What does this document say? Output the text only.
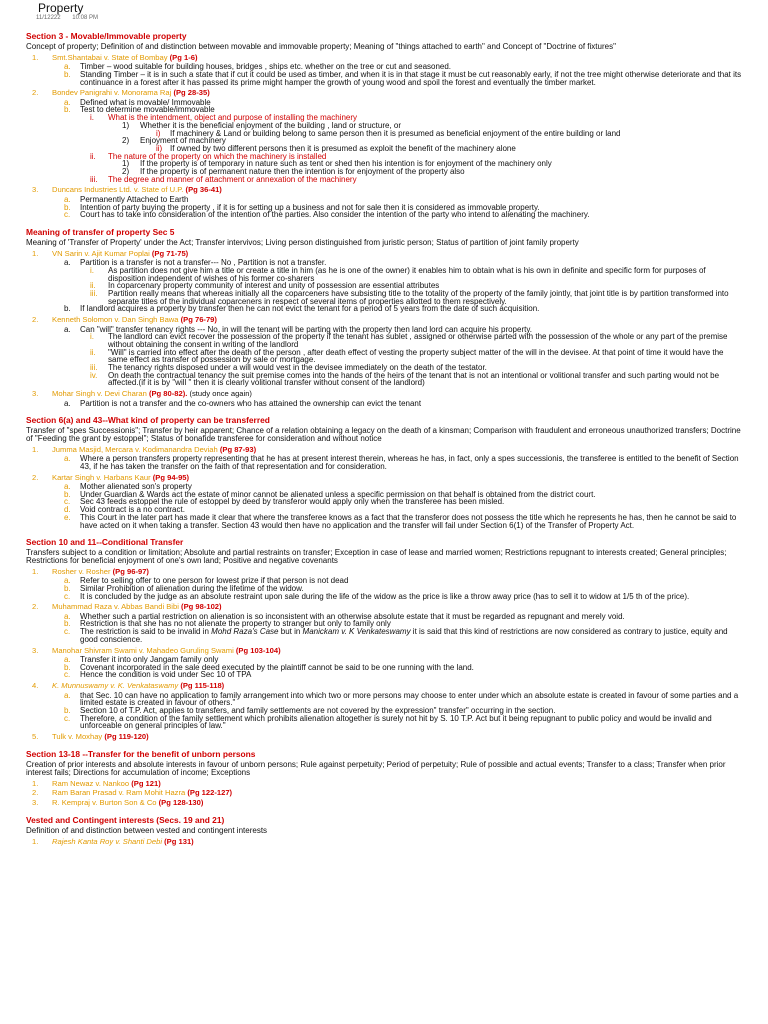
Property
11/12222 10:08 PM
Section 3 - Movable/Immovable property
Concept of property; Definition of and distinction between movable and immovable property; Meaning of "things attached to earth" and Concept of "Doctrine of fixtures"
1. Smt.Shantabai v. State of Bombay (Pg 1-6)
a. Timber – wood suitable for building houses, bridges , ships etc. whether on the tree or cut and seasoned.
b. Standing Timber – it is in such a state that if cut it could be used as timber, and when it is in that stage it must be cut reasonably early, if not the tree might otherwise deteriorate and that its continuance in a forest after it has passed its prime might hamper the growth of young wood and spoil the forest and eventually the timber market.
2. Bondev Panigrahi v. Monorama Raj (Pg 28-35)
a. Defined what is movable/ Immovable
b. Test to determine movable/immovable
i. What is the intendment, object and purpose of installing the machinery
1) Whether it is the beneficial enjoyment of the building , land or structure, or
i) If machinery & Land or building belong to same person then it is presumed as beneficial enjoyment of the entire building or land
2) Enjoyment of machinery
ii) If owned by two different persons then it is presumed as exploit the benefit of the machinery alone
ii. The nature of the property on which the machinery is installed
1) If the property is of temporary in nature such as tent or shed then his intention is for enjoyment of the machinery only
2) If the property is of permanent nature then the intention is for enjoyment of the property also
iii. The degree and manner of attachment or annexation of the machinery
3. Duncans Industries Ltd. v. State of U.P. (Pg 36-41)
a. Permanently Attached to Earth
b. Intention of party buying the property , if it is for setting up a business and not for sale then it is considered as immovable property.
c. Court has to take into consideration of the intention of the parties. Also consider the intention of the party who intend to alienating the machinery.
Meaning of transfer of property Sec 5
Meaning of 'Transfer of Property' under the Act; Transfer intervivos; Living person distinguished from juristic person; Status of partition of joint family property
1. VN Sarin v. Ajit Kumar Poplai (Pg 71-75)
a. Partition is a transfer is not a transfer--- No , Partition is not a transfer.
i. As partition does not give him a title or create a title in him (as he is one of the owner) it enables him to obtain what is his own in definite and specific form for purposes of disposition independent of wishes of his former co-sharers
ii. In coparcenary property community of interest and unity of possession are essential attributes
iii. Partition really means that whereas initially all the coparceners have subsisting title to the totality of the property of the family jointly, that joint title is by partition transformed into separate titles of the individual coparceners in respect of several items of properties allotted to them respectively.
b. If landlord acquires a property by transfer then he can not evict the tenant for a period of 5 years from the date of such acquisition.
2. Kenneth Solomon v. Dan Singh Bawa (Pg 76-79)
a. Can "will" transfer tenancy rights --- No, in will the tenant will be parting with the property then land lord can acquire his property.
i. The landlord can evict recover the possession of the property if the tenant has sublet , assigned or otherwise parted with the possession of the whole or any part of the premise without obtaining the consent in writing of the landlord
ii. "Will" is carried into effect after the death of the person , after death effect of vesting the property subject matter of the will in the devisee. At that point of time it would have the same effect as transfer of possession by sale or mortgage.
iii. The tenancy rights disposed under a will would vest in the devisee immediately on the death of the testator.
iv. On death the contractual tenancy the suit premise comes into the hands of the heirs of the tenant that is not an intentional or volitional transfer and such parting would not be affected.(if it is by "will " then it is clearly volitional transfer without consent of the landlord)
3. Mohar Singh v. Devi Charan (Pg 80-82). (study once again)
a. Partition is not a transfer and the co-owners who has attained the ownership can evict the tenant
Section 6(a) and 43--What kind of property can be transferred
Transfer of "spes Successionis"; Transfer by heir apparent; Chance of a relation obtaining a legacy on the death of a kinsman; Comparison with fraudulent and erroneous unauthorized transfers; Doctrine of "Feeding the grant by estoppel"; Status of bonafide transferee for consideration and without notice
1. Jumma Masjid, Mercara v. Kodimanandra Deviah (Pg 87-93)
a. Where a person transfers property representing that he has at present interest therein, whereas he has, in fact, only a spes successionis, the transferee is entitled to the benefit of Section 43, if he has taken the transfer on the faith of that representation and for consideration.
2. Kartar Singh v. Harbans Kaur (Pg 94-95)
a. Mother alienated son's property
b. Under Guardian & Wards act the estate of minor cannot be alienated unless a specific permission on that behalf is obtained from the district court.
c. Sec 43 feeds estoppel the rule of estoppel by deed by transferor would apply only when the transferee has been misled.
d. Void contract is a no contract.
e. This Court in the later part has made it clear that where the transferee knows as a fact that the transferor does not possess the title which he represents he has, then he cannot be said to have acted on it when taking a transfer. Section 43 would then have no application and the transfer will fail under Section 6(1) of the Transfer of Property Act.
Section 10 and 11--Conditional Transfer
Transfers subject to a condition or limitation; Absolute and partial restraints on transfer; Exception in case of lease and married women; Restrictions repugnant to interests created; General principles; Restrictions for beneficial enjoyment of one's own land; Positive and negative covenants
1. Rosher v. Rosher (Pg 96-97)
a. Refer to selling offer to one person for lowest prize if that person is not dead
b. Similar Prohibition of alienation during the lifetime of the widow.
c. It is concluded by the judge as an absolute restraint upon sale during the life of the widow as the price is like a throw away price (has to sell it to widow at 1/5 th of the price).
2. Muhammad Raza v. Abbas Bandi Bibi (Pg 98-102)
a. Whether such a partial restriction on alienation is so inconsistent with an otherwise absolute estate that it must be regarded as repugnant and merely void.
b. Restriction is that she has no not alienate the property to stranger but only to family only
c. The restriction is said to be invalid in Mohd Raza's Case but in Manickam v. K Venkateswamy it is said that this kind of restrictions are now considered as contrary to justice, equity and good conscience.
3. Manohar Shivram Swami v. Mahadeo Guruling Swami (Pg 103-104)
a. Transfer it into only Jangam family only
b. Covenant incorporated in the sale deed executed by the plaintiff cannot be said to be one running with the land.
c. Hence the condition is void under Sec 10 of TPA
4. K. Munnuswamy v. K. Venkataswamy (Pg 115-118)
a. that Sec. 10 can have no application to family arrangement into which two or more persons may choose to enter under which an absolute estate is created in favour of some parties and a limited estate is created in favour of others."
b. Section 10 of T.P. Act, applies to transfers, and family settlements are not covered by the expression" transfer" occurring in the section.
c. Therefore, a condition of the family settlement which prohibits alienation altogether is surely not hit by S. 10 T.P. Act but it being repugnant to public policy and would be invalid and unforceable on general principles of law."
5. Tulk v. Moxhay (Pg 119-120)
Section 13-18 --Transfer for the benefit of unborn persons
Creation of prior interests and absolute interests in favour of unborn persons; Rule against perpetuity; Period of perpetuity; Rule of possible and actual events; Transfer to a class; Transfer when prior interest fails; Directions for accumulation of income; Exceptions
1. Ram Newaz v. Nankoo (Pg 121)
2. Ram Baran Prasad v. Ram Mohit Hazra (Pg 122-127)
3. R. Kempraj v. Burton Son & Co (Pg 128-130)
Vested and Contingent interests (Secs. 19 and 21)
Definition of and distinction between vested and contingent interests
1. Rajesh Kanta Roy v. Shanti Debi (Pg 131)
